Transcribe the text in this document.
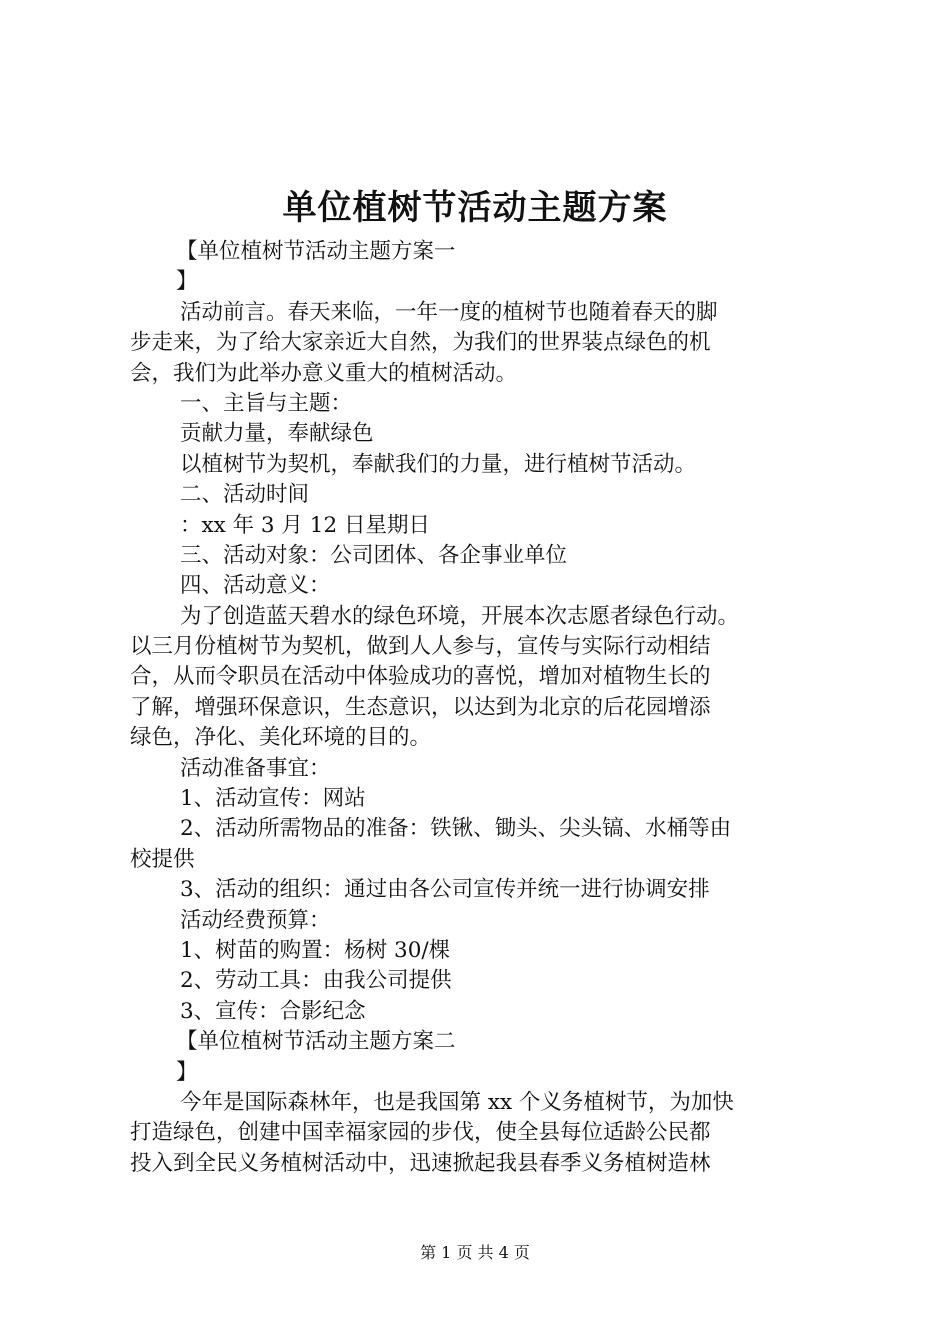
单位植树节活动主题方案
【单位植树节活动主题方案一
】
活动前言。春天来临，一年一度的植树节也随着春天的脚
步走来，为了给大家亲近大自然，为我们的世界装点绿色的机
会，我们为此举办意义重大的植树活动。
一、主旨与主题：
贡献力量，奉献绿色
以植树节为契机，奉献我们的力量，进行植树节活动。
二、活动时间
：xx 年 3 月 12 日星期日
三、活动对象：公司团体、各企事业单位
四、活动意义：
为了创造蓝天碧水的绿色环境，开展本次志愿者绿色行动。
以三月份植树节为契机，做到人人参与，宣传与实际行动相结
合，从而令职员在活动中体验成功的喜悦，增加对植物生长的
了解，增强环保意识，生态意识，以达到为北京的后花园增添
绿色，净化、美化环境的目的。
活动准备事宜：
1、活动宣传：网站
2、活动所需物品的准备：铁锹、锄头、尖头镐、水桶等由
校提供
3、活动的组织：通过由各公司宣传并统一进行协调安排
活动经费预算：
1、树苗的购置：杨树 30/棵
2、劳动工具：由我公司提供
3、宣传：合影纪念
【单位植树节活动主题方案二
】
今年是国际森林年，也是我国第 xx 个义务植树节，为加快
打造绿色，创建中国幸福家园的步伐，使全县每位适龄公民都
投入到全民义务植树活动中，迅速掀起我县春季义务植树造林
第 1 页 共 4 页
